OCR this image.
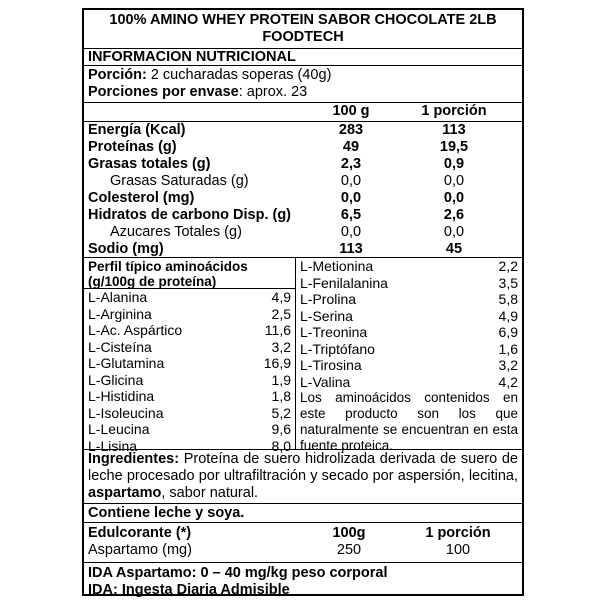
100% AMINO WHEY PROTEIN SABOR CHOCOLATE 2LB FOODTECH
INFORMACION NUTRICIONAL
Porción: 2 cucharadas soperas (40g)
Porciones por envase: aprox. 23
100 g	1 porción
Energía (Kcal)	283	113
Proteínas (g)	49	19,5
Grasas totales (g)	2,3	0,9
Grasas Saturadas (g)	0,0	0,0
Colesterol (mg)	0,0	0,0
Hidratos de carbono Disp. (g)	6,5	2,6
Azucares Totales (g)	0,0	0,0
Sodio (mg)	113	45
Perfil típico aminoácidos
(g/100g de proteína)
L-Alanina	4,9
L-Arginina	2,5
L-Ac. Aspártico	11,6
L-Cisteína	3,2
L-Glutamina	16,9
L-Glicina	1,9
L-Histidina	1,8
L-Isoleucina	5,2
L-Leucina	9,6
L-Lisina	8,0
L-Metionina	2,2
L-Fenilalanina	3,5
L-Prolina	5,8
L-Serina	4,9
L-Treonina	6,9
L-Triptófano	1,6
L-Tirosina	3,2
L-Valina	4,2
Los aminoácidos contenidos en este producto son los que naturalmente se encuentran en esta fuente proteica.
Ingredientes: Proteína de suero hidrolizada derivada de suero de leche procesado por ultrafiltración y secado por aspersión, lecitina, aspartamo, sabor natural.
Contiene leche y soya.
Edulcorante (*)	100g	1 porción
Aspartamo (mg)	250	100
IDA Aspartamo: 0 – 40 mg/kg peso corporal
IDA: Ingesta Diaria Admisible
